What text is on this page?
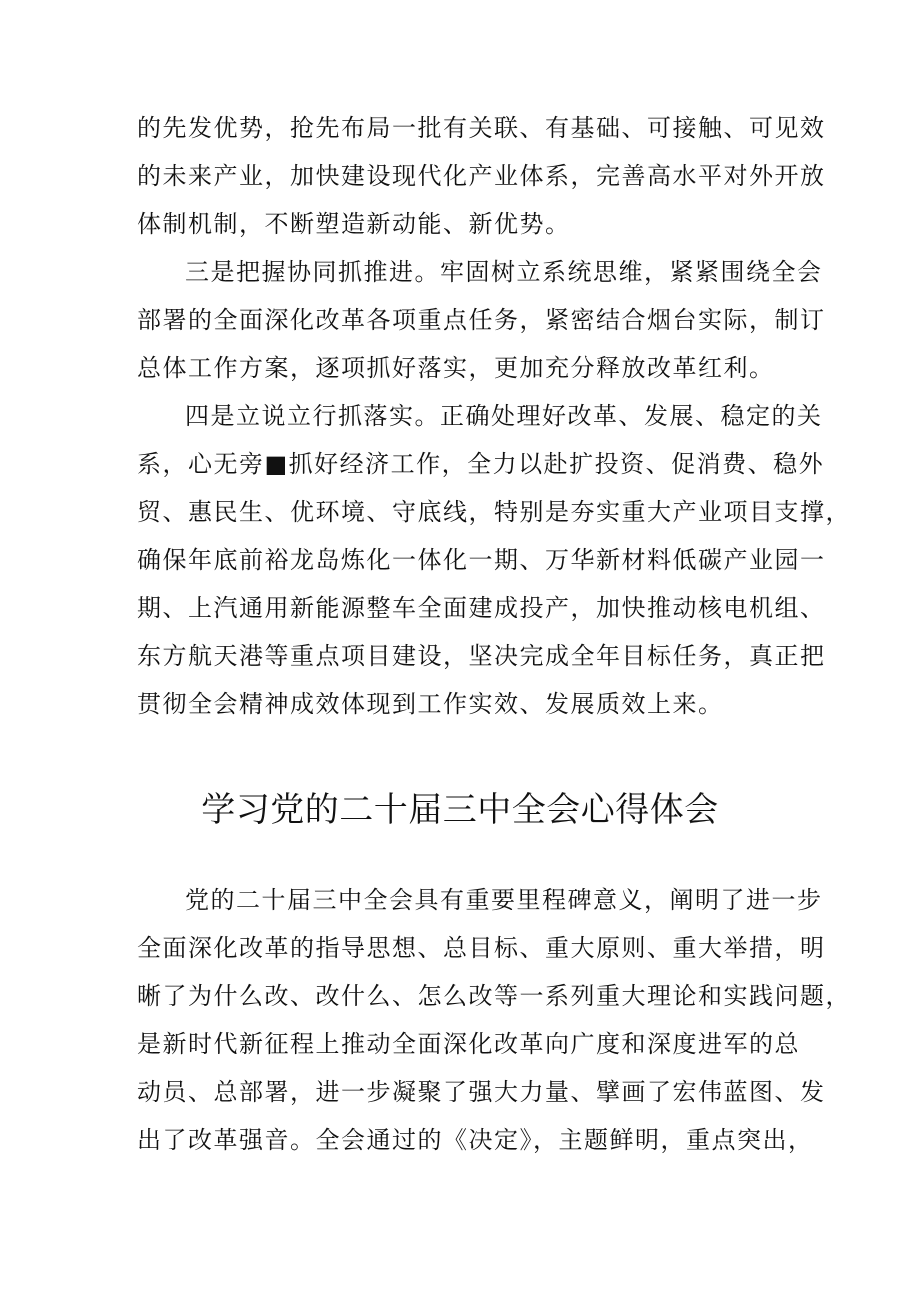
的先发优势，抢先布局一批有关联、有基础、可接触、可见效
的未来产业，加快建设现代化产业体系，完善高水平对外开放
体制机制，不断塑造新动能、新优势。
三是把握协同抓推进。牢固树立系统思维，紧紧围绕全会
部署的全面深化改革各项重点任务，紧密结合烟台实际，制订
总体工作方案，逐项抓好落实，更加充分释放改革红利。
四是立说立行抓落实。正确处理好改革、发展、稳定的关
系，心无旁■抓好经济工作，全力以赴扩投资、促消费、稳外
贸、惠民生、优环境、守底线，特别是夯实重大产业项目支撑，
确保年底前裕龙岛炼化一体化一期、万华新材料低碳产业园一
期、上汽通用新能源整车全面建成投产，加快推动核电机组、
东方航天港等重点项目建设，坚决完成全年目标任务，真正把
贯彻全会精神成效体现到工作实效、发展质效上来。
学习党的二十届三中全会心得体会
党的二十届三中全会具有重要里程碑意义，阐明了进一步
全面深化改革的指导思想、总目标、重大原则、重大举措，明
晰了为什么改、改什么、怎么改等一系列重大理论和实践问题，
是新时代新征程上推动全面深化改革向广度和深度进军的总
动员、总部署，进一步凝聚了强大力量、擘画了宏伟蓝图、发
出了改革强音。全会通过的《决定》，主题鲜明，重点突出，
